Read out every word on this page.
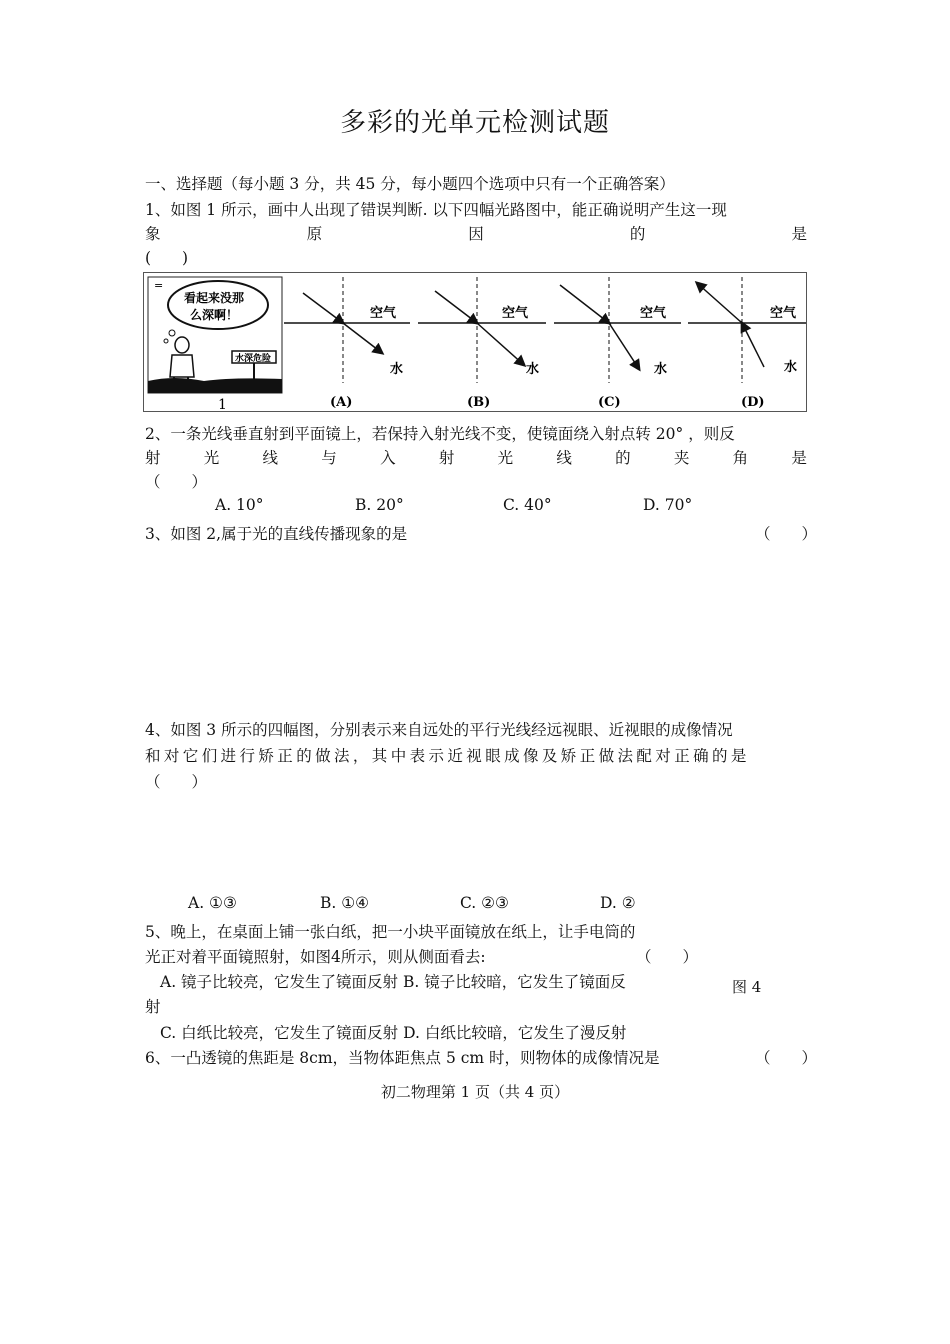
多彩的光单元检测试题
一、选择题（每小题 3 分，共 45 分，每小题四个选项中只有一个正确答案）
1、如图 1 所示，画中人出现了错误判断. 以下四幅光路图中，能正确说明产生这一现
象	原	因	的	是
(　　)
=
看起来没那
么深啊！
水深危险
空气
水
空气
水
空气
水
空气
水
1	(A)	(B)	(C)	(D)
2、一条光线垂直射到平面镜上，若保持入射光线不变，使镜面绕入射点转 20° ，则反
射	光	线	与	入	射	光	线	的	夹	角	是
（　　）
A. 10°	B. 20°	C. 40°	D. 70°
3、如图 2,属于光的直线传播现象的是	（　　）
4、如图 3 所示的四幅图，分别表示来自远处的平行光线经远视眼、近视眼的成像情况
和对它们进行矫正的做法，其中表示近视眼成像及矫正做法配对正确的是
（　　）
A. ①③	B. ①④	C. ②③	D. ②
5、晚上，在桌面上铺一张白纸，把一小块平面镜放在纸上，让手电筒的
光正对着平面镜照射，如图4所示，则从侧面看去:	（　　）
A. 镜子比较亮，它发生了镜面反射 B. 镜子比较暗，它发生了镜面反
射
图 4
C. 白纸比较亮，它发生了镜面反射 D. 白纸比较暗，它发生了漫反射
6、一凸透镜的焦距是 8cm，当物体距焦点 5 cm 时，则物体的成像情况是	（　　）
初二物理第 1 页（共 4 页）
